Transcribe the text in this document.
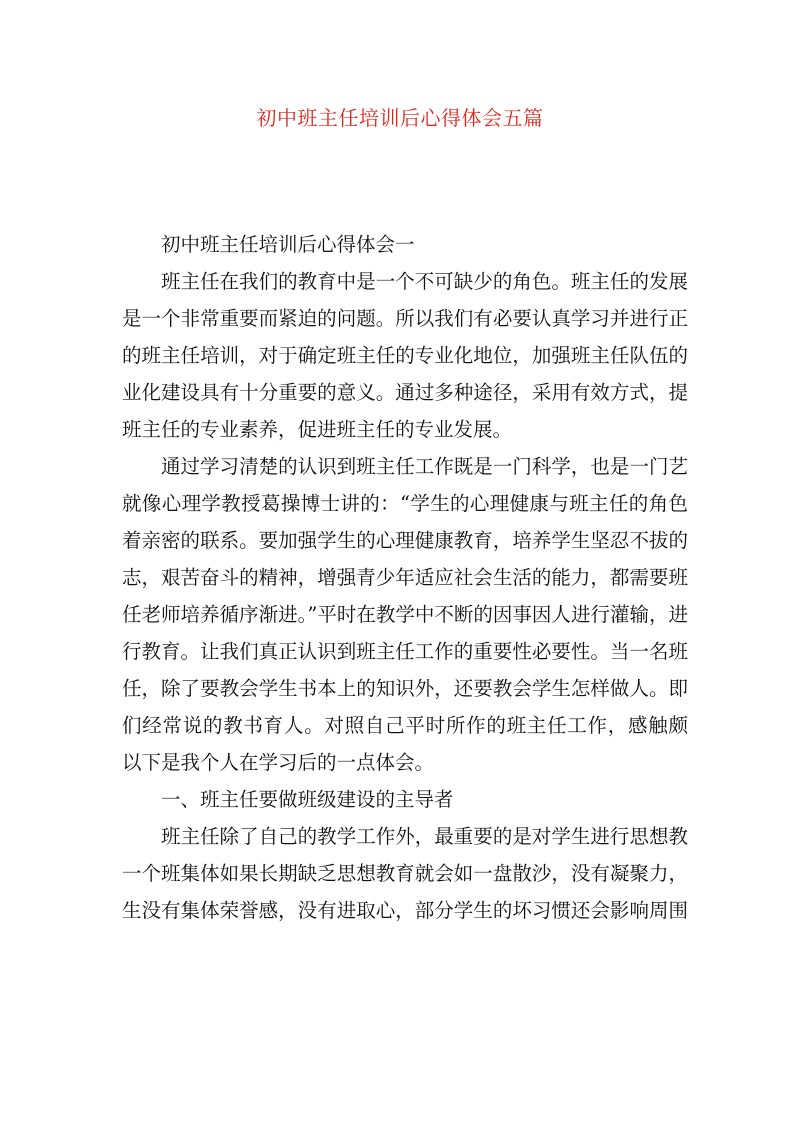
初中班主任培训后心得体会五篇
初中班主任培训后心得体会一
班主任在我们的教育中是一个不可缺少的角色。班主任的发展
是一个非常重要而紧迫的问题。所以我们有必要认真学习并进行正
的班主任培训，对于确定班主任的专业化地位，加强班主任队伍的
业化建设具有十分重要的意义。通过多种途径，采用有效方式，提
班主任的专业素养，促进班主任的专业发展。
通过学习清楚的认识到班主任工作既是一门科学，也是一门艺
就像心理学教授葛操博士讲的：“学生的心理健康与班主任的角色
着亲密的联系。要加强学生的心理健康教育，培养学生坚忍不拔的
志，艰苦奋斗的精神，增强青少年适应社会生活的能力，都需要班
任老师培养循序渐进。”平时在教学中不断的因事因人进行灌输，进
行教育。让我们真正认识到班主任工作的重要性必要性。当一名班
任，除了要教会学生书本上的知识外，还要教会学生怎样做人。即
们经常说的教书育人。对照自己平时所作的班主任工作，感触颇
以下是我个人在学习后的一点体会。
一、班主任要做班级建设的主导者
班主任除了自己的教学工作外，最重要的是对学生进行思想教
一个班集体如果长期缺乏思想教育就会如一盘散沙，没有凝聚力，
生没有集体荣誉感，没有进取心，部分学生的坏习惯还会影响周围
